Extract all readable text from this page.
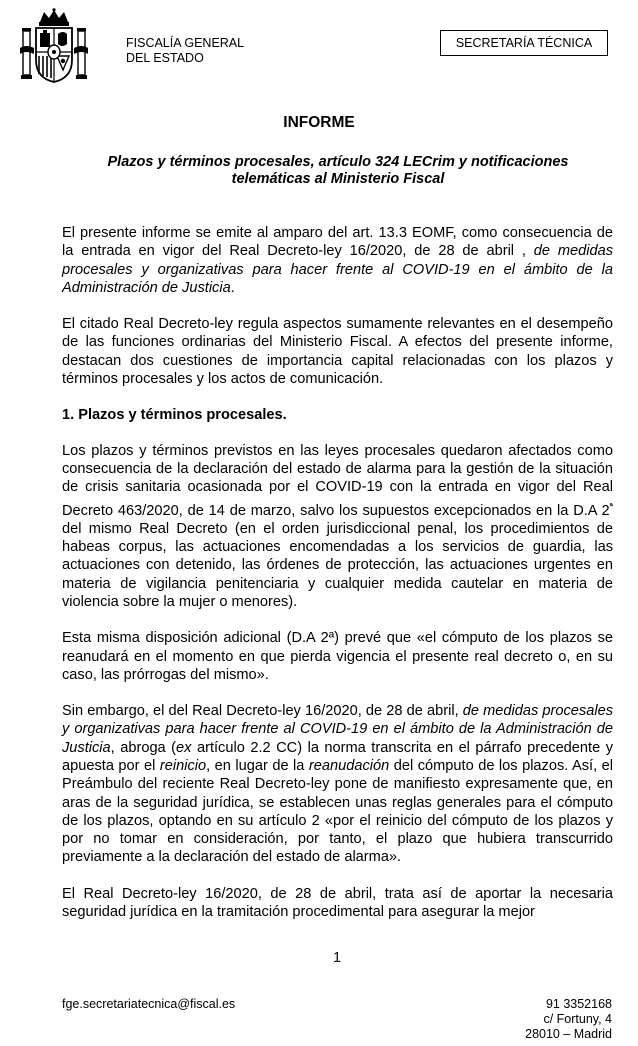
FISCALÍA GENERAL
DEL ESTADO
SECRETARÍA TÉCNICA
INFORME
Plazos y términos procesales, artículo 324 LECrim y notificaciones
telemáticas al Ministerio Fiscal

El presente informe se emite al amparo del art. 13.3 EOMF, como consecuencia de la entrada en vigor del Real Decreto-ley 16/2020, de 28 de abril , de medidas procesales y organizativas para hacer frente al COVID-19 en el ámbito de la Administración de Justicia.

El citado Real Decreto-ley regula aspectos sumamente relevantes en el desempeño de las funciones ordinarias del Ministerio Fiscal. A efectos del presente informe, destacan dos cuestiones de importancia capital relacionadas con los plazos y términos procesales y los actos de comunicación.

1. Plazos y términos procesales.

Los plazos y términos previstos en las leyes procesales quedaron afectados como consecuencia de la declaración del estado de alarma para la gestión de la situación de crisis sanitaria ocasionada por el COVID-19 con la entrada en vigor del Real Decreto 463/2020, de 14 de marzo, salvo los supuestos excepcionados en la D.A $2^ª$ del mismo Real Decreto (en el orden jurisdiccional penal, los procedimientos de habeas corpus, las actuaciones encomendadas a los servicios de guardia, las actuaciones con detenido, las órdenes de protección, las actuaciones urgentes en materia de vigilancia penitenciaria y cualquier medida cautelar en materia de violencia sobre la mujer o menores).

Esta misma disposición adicional (D.A 2ª) prevé que «el cómputo de los plazos se reanudará en el momento en que pierda vigencia el presente real decreto o, en su caso, las prórrogas del mismo».

Sin embargo, el del Real Decreto-ley 16/2020, de 28 de abril, de medidas procesales y organizativas para hacer frente al COVID-19 en el ámbito de la Administración de Justicia, abroga (ex artículo 2.2 CC) la norma transcrita en el párrafo precedente y apuesta por el reinicio, en lugar de la reanudación del cómputo de los plazos. Así, el Preámbulo del reciente Real Decreto-ley pone de manifiesto expresamente que, en aras de la seguridad jurídica, se establecen unas reglas generales para el cómputo de los plazos, optando en su artículo 2 «por el reinicio del cómputo de los plazos y por no tomar en consideración, por tanto, el plazo que hubiera transcurrido previamente a la declaración del estado de alarma».

El Real Decreto-ley 16/2020, de 28 de abril, trata así de aportar la necesaria seguridad jurídica en la tramitación procedimental para asegurar la mejor

1
fge.secretariatecnica@fiscal.es	91 3352168
c/ Fortuny, 4
28010 – Madrid
